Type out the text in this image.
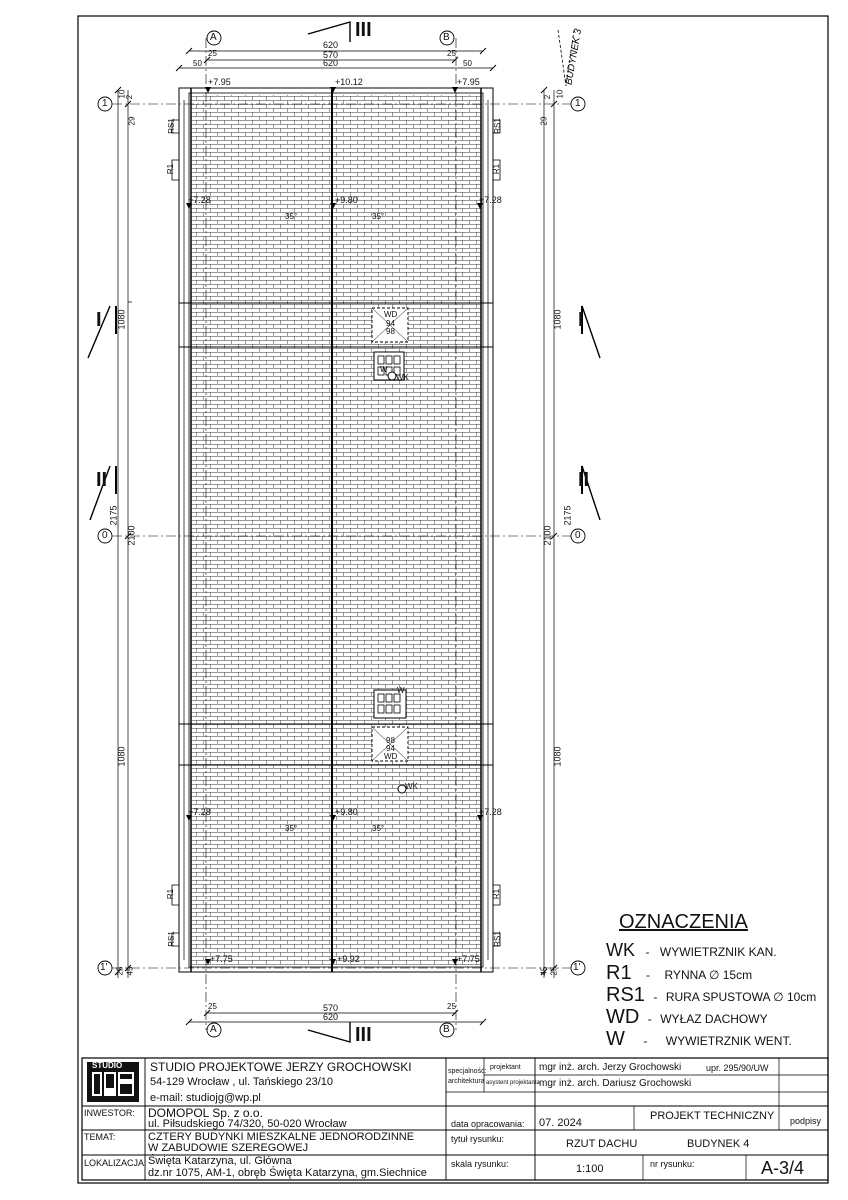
III
III
I	I
II	II
BUDYNEK 3
A	B
A	B
1
0
1'
1
0
1'
620
570
620
25	25
50	50
570
620
25	25
10
2
29
1080
2175
2100
1080
25 45
2 10
29
1080
2175
2100
1080
45 25
+7.95	+10.12	+7.95
+7.28	+9.80	+7.28
+7.28	+9.80	+7.28
+7.75	+9.92	+7.75
35°	35°
35°	35°
RS1
R1
RS1
R1
R1
RS1
R1
RS1
WD
94
98
W
WK
W
98
94
WD
WK
OZNACZENIA
WK - WYWIETRZNIK KAN.
R1 - RYNNA ∅ 15cm
RS1 - RURA SPUSTOWA ∅ 10cm
WD - WYŁAZ DACHOWY
W - WYWIETRZNIK WENT.
STUDIO STUDIO PROJEKTOWE JERZY GROCHOWSKI
54-129 Wrocław , ul. Tańskiego 23/10
e-mail: studiojg@wp.pl
specjalność:
architektura
projektant
asystent projektanta
mgr inż. arch. Jerzy Grochowski	upr. 295/90/UW
mgr inż. arch. Dariusz Grochowski
INWESTOR: DOMOPOL Sp. z o.o.
ul. Piłsudskiego 74/320, 50-020 Wrocław	data opracowania: 07. 2024
PROJEKT TECHNICZNY podpisy
TEMAT:	CZTERY BUDYNKI MIESZKALNE JEDNORODZINNE
W ZABUDOWIE SZEREGOWEJ
tytuł rysunku:	RZUT DACHU	BUDYNEK 4
LOKALIZACJA: Święta Katarzyna, ul. Główna
dz.nr 1075, AM-1, obręb Święta Katarzyna, gm.Siechnice
skala rysunku:	1:100	nr rysunku:	A-3/4
